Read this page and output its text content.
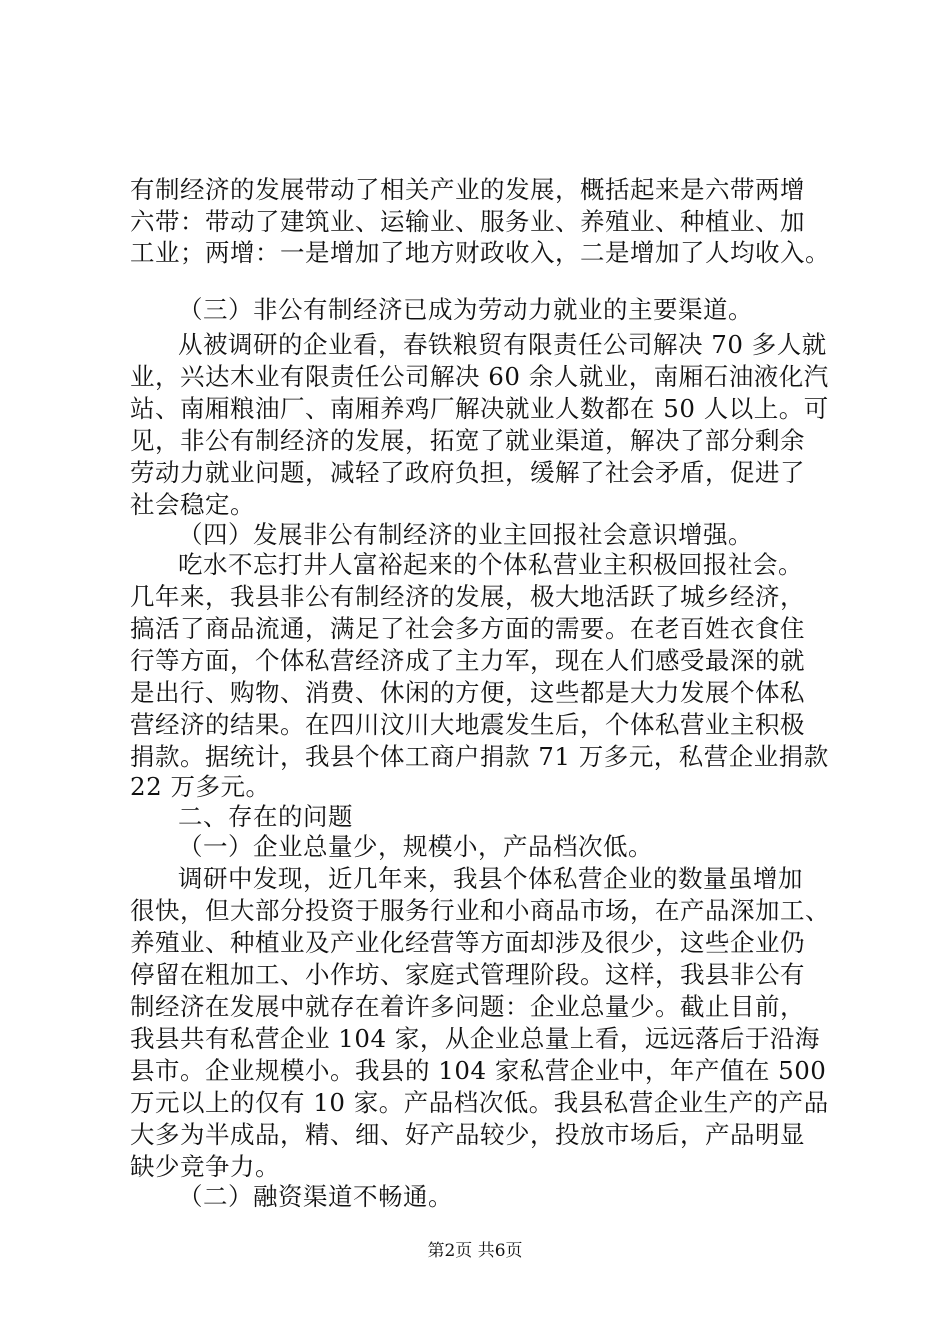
有制经济的发展带动了相关产业的发展，概括起来是六带两增
六带：带动了建筑业、运输业、服务业、养殖业、种植业、加
工业；两增：一是增加了地方财政收入，二是增加了人均收入。
（三）非公有制经济已成为劳动力就业的主要渠道。
从被调研的企业看，春铁粮贸有限责任公司解决 70 多人就
业，兴达木业有限责任公司解决 60 余人就业，南厢石油液化汽
站、南厢粮油厂、南厢养鸡厂解决就业人数都在 50 人以上。可
见，非公有制经济的发展，拓宽了就业渠道，解决了部分剩余
劳动力就业问题，减轻了政府负担，缓解了社会矛盾，促进了
社会稳定。
（四）发展非公有制经济的业主回报社会意识增强。
吃水不忘打井人富裕起来的个体私营业主积极回报社会。
几年来，我县非公有制经济的发展，极大地活跃了城乡经济，
搞活了商品流通，满足了社会多方面的需要。在老百姓衣食住
行等方面，个体私营经济成了主力军，现在人们感受最深的就
是出行、购物、消费、休闲的方便，这些都是大力发展个体私
营经济的结果。在四川汶川大地震发生后，个体私营业主积极
捐款。据统计，我县个体工商户捐款 71 万多元，私营企业捐款
22 万多元。
二、存在的问题
（一）企业总量少，规模小，产品档次低。
调研中发现，近几年来，我县个体私营企业的数量虽增加
很快，但大部分投资于服务行业和小商品市场，在产品深加工、
养殖业、种植业及产业化经营等方面却涉及很少，这些企业仍
停留在粗加工、小作坊、家庭式管理阶段。这样，我县非公有
制经济在发展中就存在着许多问题：企业总量少。截止目前，
我县共有私营企业 104 家，从企业总量上看，远远落后于沿海
县市。企业规模小。我县的 104 家私营企业中，年产值在 500
万元以上的仅有 10 家。产品档次低。我县私营企业生产的产品
大多为半成品，精、细、好产品较少，投放市场后，产品明显
缺少竞争力。
（二）融资渠道不畅通。
第2页 共6页
